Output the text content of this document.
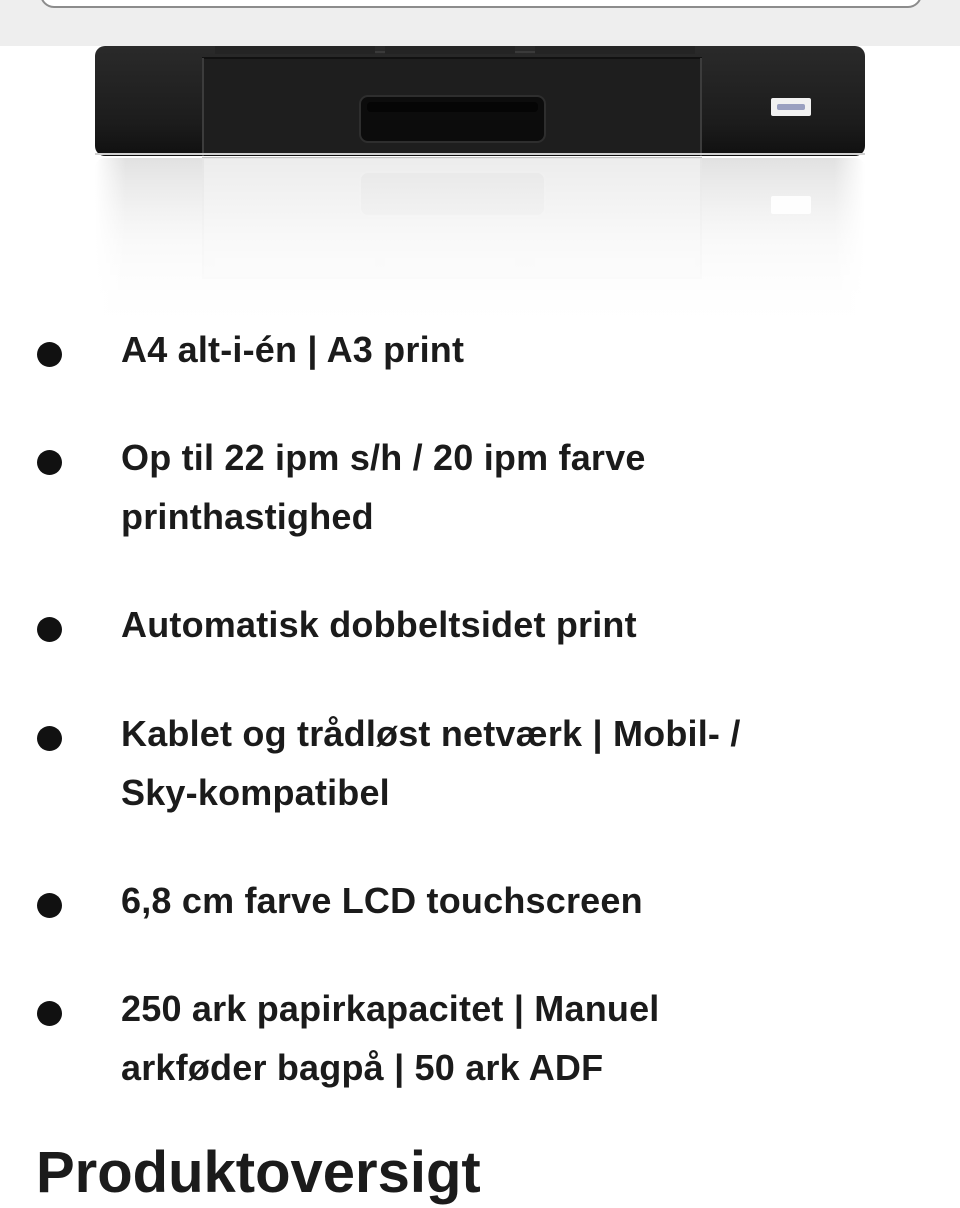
A4 alt-i-én | A3 print
Op til 22 ipm s/h / 20 ipm farve
printhastighed
Automatisk dobbeltsidet print
Kablet og trådløst netværk | Mobil- /
Sky-kompatibel
6,8 cm farve LCD touchscreen
250 ark papirkapacitet | Manuel
arkføder bagpå | 50 ark ADF
Produktoversigt
